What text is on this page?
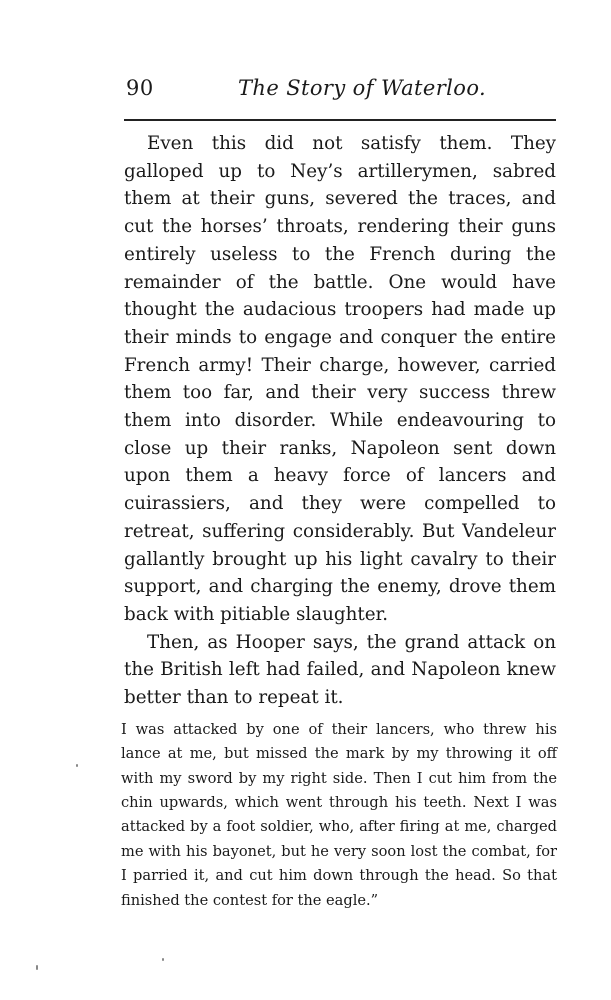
90	The Story of Waterloo.

Even this did not satisfy them. They galloped up to Ney’s artillerymen, sabred them at their guns, severed the traces, and cut the horses’ throats, rendering their guns entirely useless to the French during the remainder of the battle. One would have thought the audacious troopers had made up their minds to engage and conquer the entire French army! Their charge, however, carried them too far, and their very success threw them into disorder. While endeavouring to close up their ranks, Napoleon sent down upon them a heavy force of lancers and cuirassiers, and they were compelled to retreat, suffering considerably. But Vandeleur gallantly brought up his light cavalry to their support, and charging the enemy, drove them back with pitiable slaughter.

Then, as Hooper says, the grand attack on the British left had failed, and Napoleon knew better than to repeat it.

I was attacked by one of their lancers, who threw his lance at me, but missed the mark by my throwing it off with my sword by my right side. Then I cut him from the chin upwards, which went through his teeth. Next I was attacked by a foot soldier, who, after firing at me, charged me with his bayonet, but he very soon lost the combat, for I parried it, and cut him down through the head. So that finished the contest for the eagle.”
